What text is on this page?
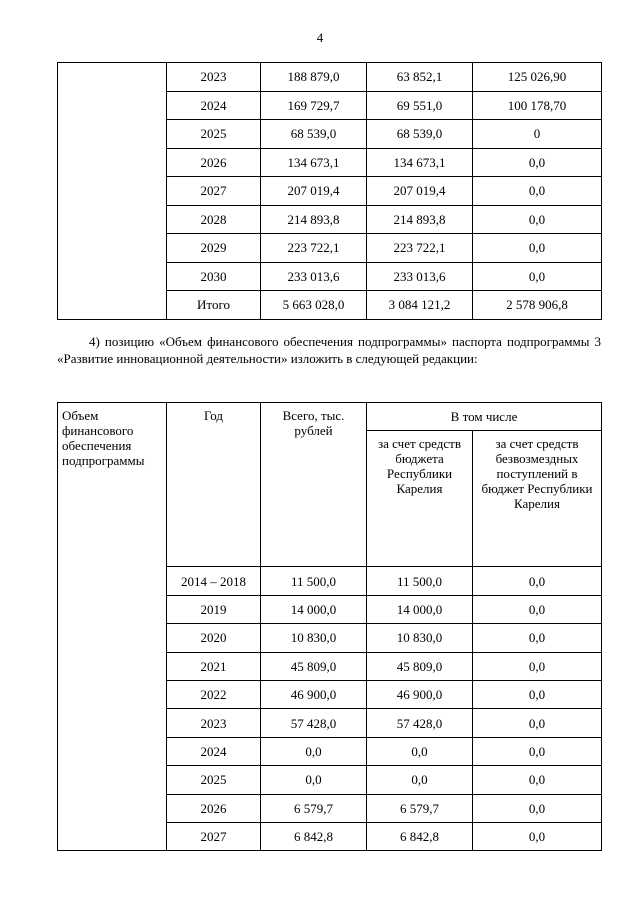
4
	2023	188 879,0	63 852,1	125 026,90
	2024	169 729,7	69 551,0	100 178,70
	2025	68 539,0	68 539,0	0
	2026	134 673,1	134 673,1	0,0
	2027	207 019,4	207 019,4	0,0
	2028	214 893,8	214 893,8	0,0
	2029	223 722,1	223 722,1	0,0
	2030	233 013,6	233 013,6	0,0
	Итого	5 663 028,0	3 084 121,2	2 578 906,8
4) позицию «Объем финансового обеспечения подпрограммы» паспорта подпрограммы 3 «Развитие инновационной деятельности» изложить в следующей редакции:
Объем финансового обеспечения подпрограммы	Год	Всего, тыс. рублей	В том числе	
			за счет средств бюджета Республики Карелия	за счет средств безвозмездных поступлений в бюджет Республики Карелия
	2014 – 2018	11 500,0	11 500,0	0,0
	2019	14 000,0	14 000,0	0,0
	2020	10 830,0	10 830,0	0,0
	2021	45 809,0	45 809,0	0,0
	2022	46 900,0	46 900,0	0,0
	2023	57 428,0	57 428,0	0,0
	2024	0,0	0,0	0,0
	2025	0,0	0,0	0,0
	2026	6 579,7	6 579,7	0,0
	2027	6 842,8	6 842,8	0,0
